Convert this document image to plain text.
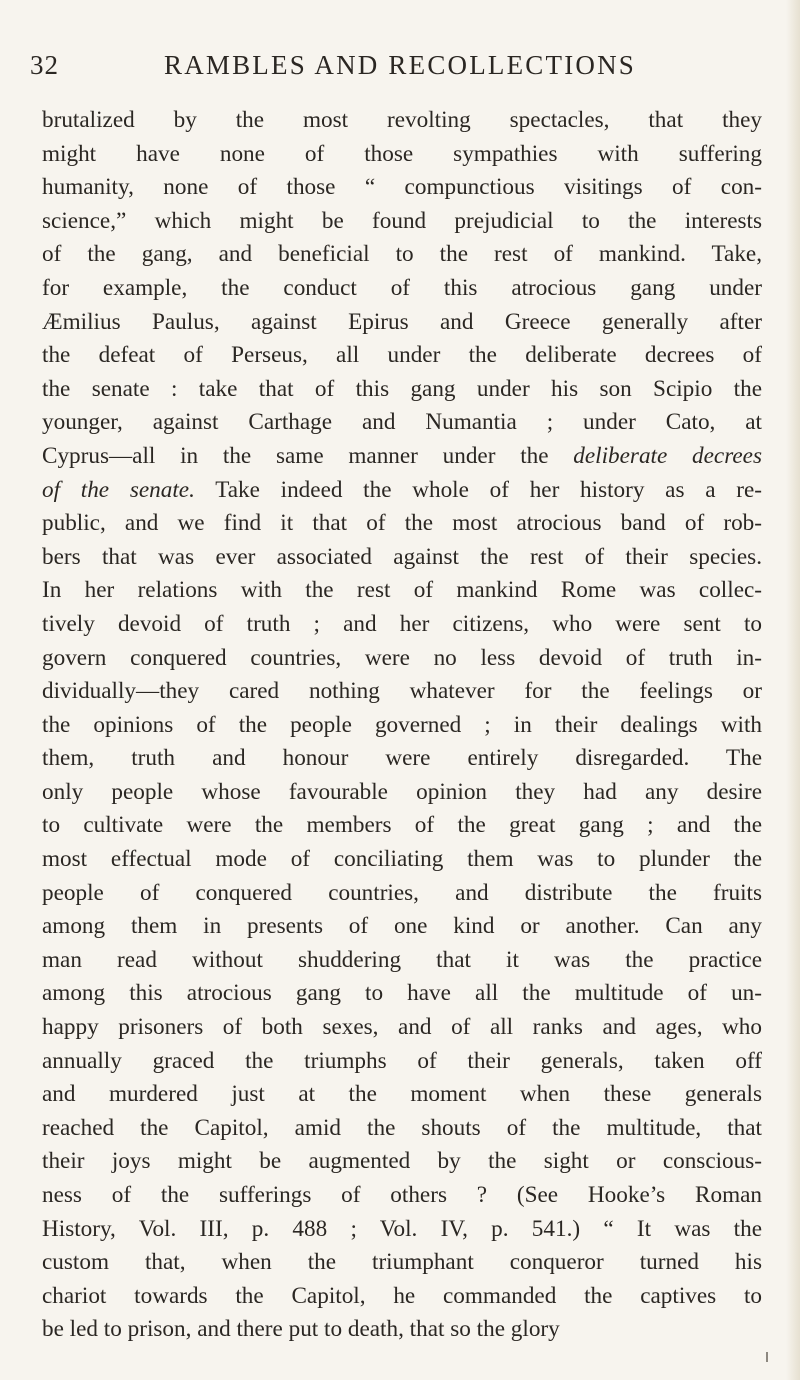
32	RAMBLES AND RECOLLECTIONS
brutalized by the most revolting spectacles, that they
might have none of those sympathies with suffering
humanity, none of those “ compunctious visitings of con-
science,” which might be found prejudicial to the interests
of the gang, and beneficial to the rest of mankind. Take,
for example, the conduct of this atrocious gang under
Æmilius Paulus, against Epirus and Greece generally after
the defeat of Perseus, all under the deliberate decrees of
the senate : take that of this gang under his son Scipio the
younger, against Carthage and Numantia ; under Cato, at
Cyprus—all in the same manner under the deliberate decrees
of the senate. Take indeed the whole of her history as a re-
public, and we find it that of the most atrocious band of rob-
bers that was ever associated against the rest of their species.
In her relations with the rest of mankind Rome was collec-
tively devoid of truth ; and her citizens, who were sent to
govern conquered countries, were no less devoid of truth in-
dividually—they cared nothing whatever for the feelings or
the opinions of the people governed ; in their dealings with
them, truth and honour were entirely disregarded. The
only people whose favourable opinion they had any desire
to cultivate were the members of the great gang ; and the
most effectual mode of conciliating them was to plunder the
people of conquered countries, and distribute the fruits
among them in presents of one kind or another. Can any
man read without shuddering that it was the practice
among this atrocious gang to have all the multitude of un-
happy prisoners of both sexes, and of all ranks and ages, who
annually graced the triumphs of their generals, taken off
and murdered just at the moment when these generals
reached the Capitol, amid the shouts of the multitude, that
their joys might be augmented by the sight or conscious-
ness of the sufferings of others ? (See Hooke’s Roman
History, Vol. III, p. 488 ; Vol. IV, p. 541.) “ It was the
custom that, when the triumphant conqueror turned his
chariot towards the Capitol, he commanded the captives to
be led to prison, and there put to death, that so the glory
